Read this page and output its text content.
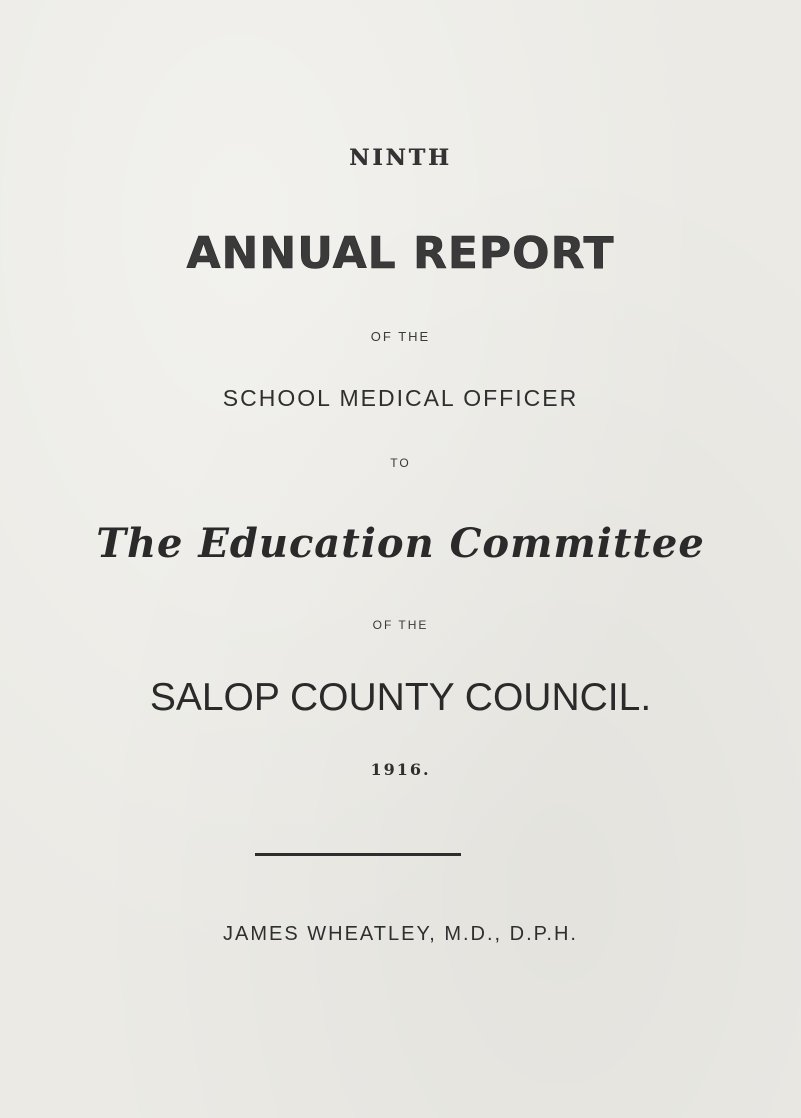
NINTH
ANNUAL REPORT
OF THE
SCHOOL MEDICAL OFFICER
TO
The Education Committee
OF THE
SALOP COUNTY COUNCIL.
1916.
JAMES WHEATLEY, M.D., D.P.H.
